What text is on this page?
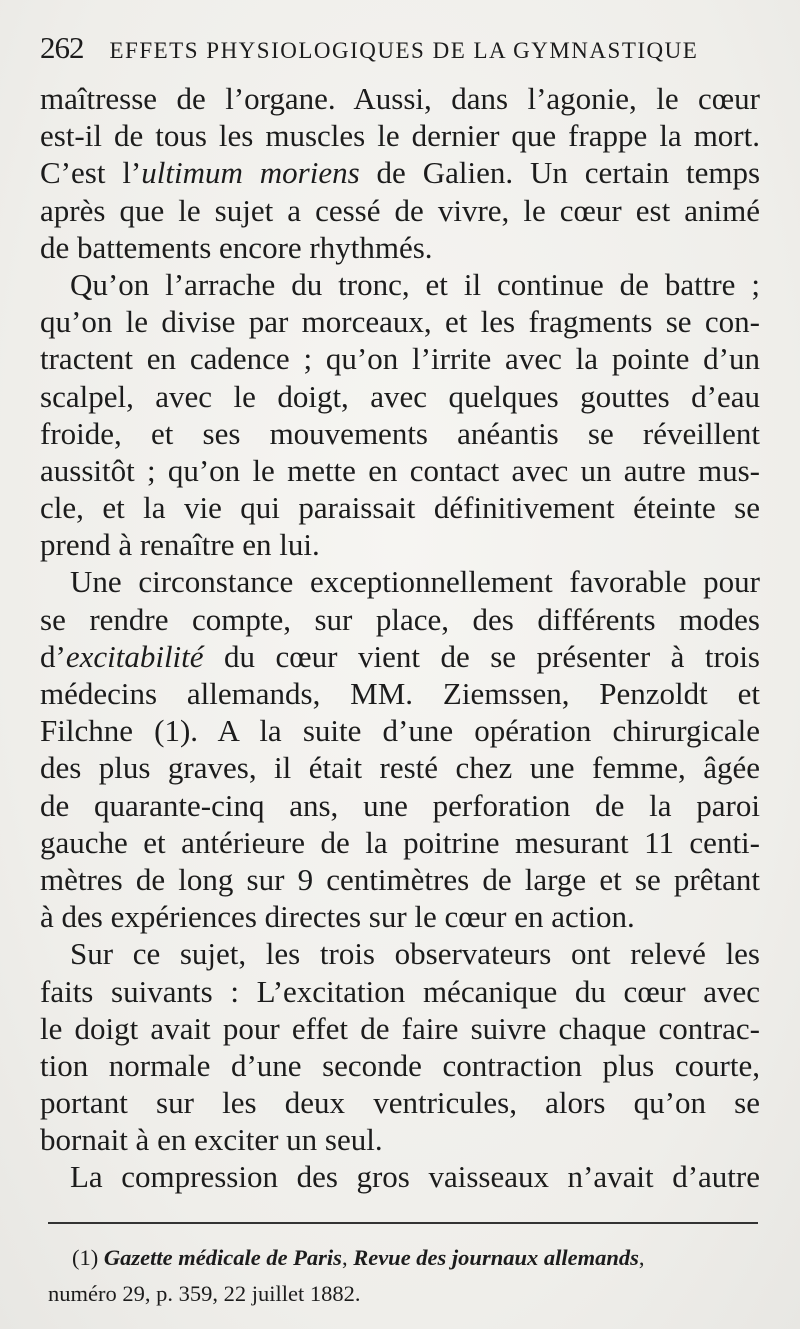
262 EFFETS PHYSIOLOGIQUES DE LA GYMNASTIQUE
maîtresse de l’organe. Aussi, dans l’agonie, le cœur
est-il de tous les muscles le dernier que frappe la mort.
C’est l’ultimum moriens de Galien. Un certain temps
après que le sujet a cessé de vivre, le cœur est animé
de battements encore rhythmés.
Qu’on l’arrache du tronc, et il continue de battre ;
qu’on le divise par morceaux, et les fragments se con-
tractent en cadence ; qu’on l’irrite avec la pointe d’un
scalpel, avec le doigt, avec quelques gouttes d’eau
froide, et ses mouvements anéantis se réveillent
aussitôt ; qu’on le mette en contact avec un autre mus-
cle, et la vie qui paraissait définitivement éteinte se
prend à renaître en lui.
Une circonstance exceptionnellement favorable pour
se rendre compte, sur place, des différents modes
d’excitabilité du cœur vient de se présenter à trois
médecins allemands, MM. Ziemssen, Penzoldt et
Filchne (1). A la suite d’une opération chirurgicale
des plus graves, il était resté chez une femme, âgée
de quarante-cinq ans, une perforation de la paroi
gauche et antérieure de la poitrine mesurant 11 centi-
mètres de long sur 9 centimètres de large et se prêtant
à des expériences directes sur le cœur en action.
Sur ce sujet, les trois observateurs ont relevé les
faits suivants : L’excitation mécanique du cœur avec
le doigt avait pour effet de faire suivre chaque contrac-
tion normale d’une seconde contraction plus courte,
portant sur les deux ventricules, alors qu’on se
bornait à en exciter un seul.
La compression des gros vaisseaux n’avait d’autre
(1) Gazette médicale de Paris, Revue des journaux allemands,
numéro 29, p. 359, 22 juillet 1882.
